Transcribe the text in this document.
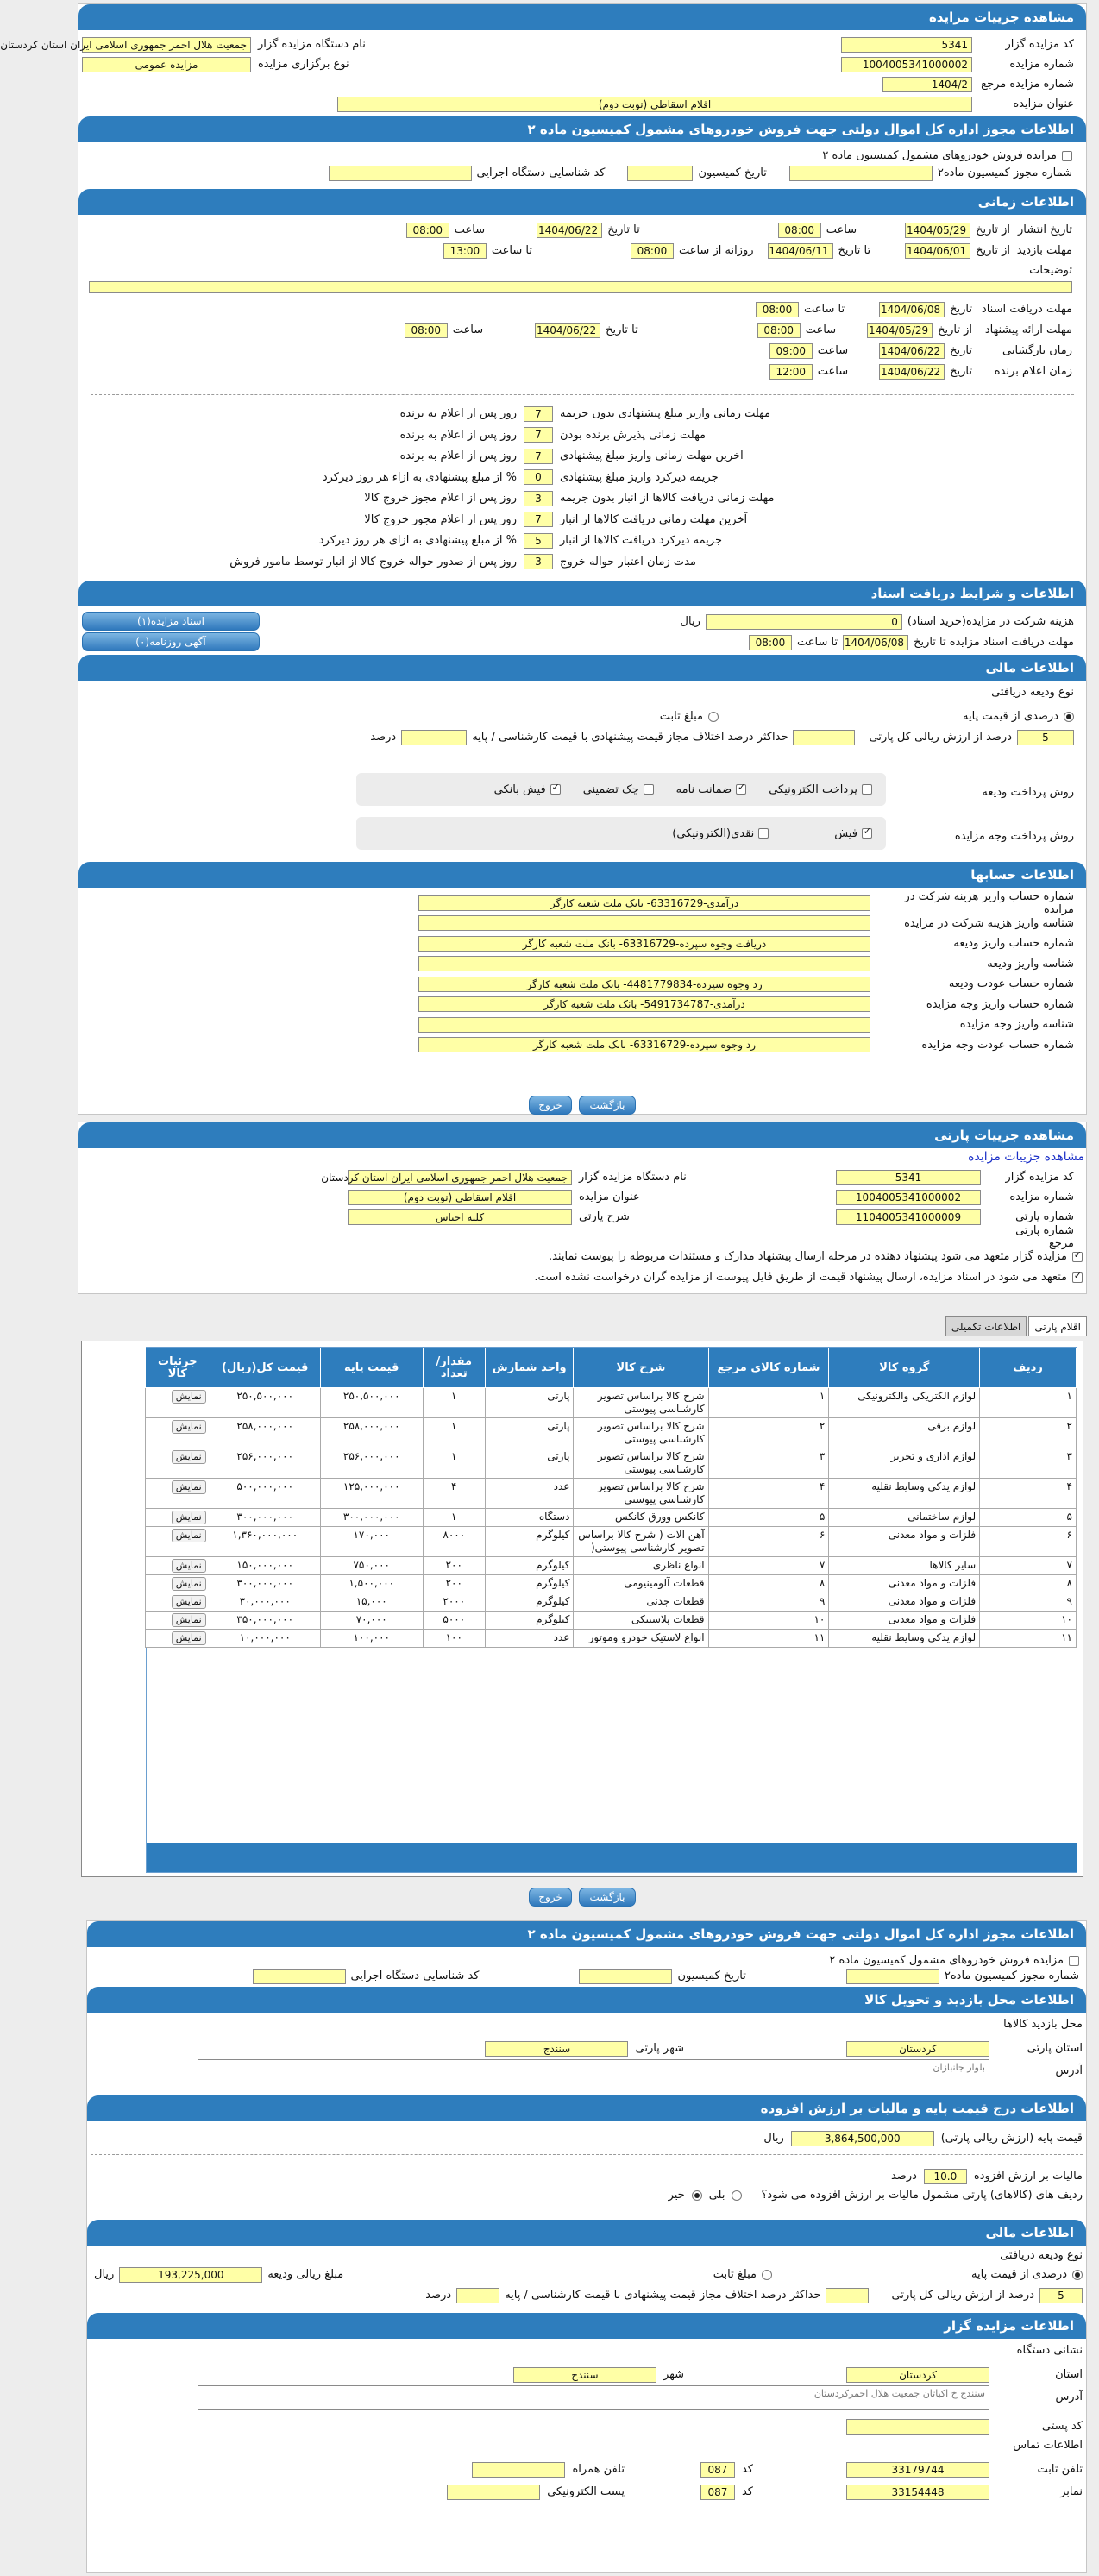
مشاهده جزییات مزایده
کد مزایده گزار
5341
شماره مزایده
1004005341000002
شماره مزایده مرجع
1404/2
عنوان مزایده
اقلام اسقاطی (نوبت دوم)
نام دستگاه مزایده گزار
جمعیت هلال احمر جمهوری اسلامی ایران استان کردستان
نوع برگزاری مزایده
مزایده عمومی
اطلاعات مجوز اداره کل اموال دولتی جهت فروش خودروهای مشمول کمیسیون ماده ۲
مزایده فروش خودروهای مشمول کمیسیون ماده ۲
شماره مجوز کمیسیون ماده۲
تاریخ کمیسیون
کد شناسایی دستگاه اجرایی
اطلاعات زمانی
تاریخ انتشار
از تاریخ
1404/05/29
ساعت
08:00
تا تاریخ
1404/06/22
ساعت
08:00
مهلت بازدید
از تاریخ
1404/06/01
تا تاریخ
1404/06/11
روزانه از ساعت
08:00
تا ساعت
13:00
توضیحات
مهلت دریافت اسناد
تاریخ
1404/06/08
تا ساعت
08:00
مهلت ارائه پیشنهاد
از تاریخ
1404/05/29
ساعت
08:00
تا تاریخ
1404/06/22
ساعت
08:00
زمان بازگشایی
تاریخ
1404/06/22
ساعت
09:00
زمان اعلام برنده
تاریخ
1404/06/22
ساعت
12:00
مهلت زمانی واریز مبلغ پیشنهادی بدون جریمه
7
روز پس از اعلام به برنده
مهلت زمانی پذیرش برنده بودن
7
روز پس از اعلام به برنده
اخرین مهلت زمانی واریز مبلغ پیشنهادی
7
روز پس از اعلام به برنده
جریمه دیرکرد واریز مبلغ پیشنهادی
0
% از مبلغ پیشنهادی به ازاء هر روز دیرکرد
مهلت زمانی دریافت کالاها از انبار بدون جریمه
3
روز پس از اعلام مجوز خروج کالا
آخرین مهلت زمانی دریافت کالاها از انبار
7
روز پس از اعلام مجوز خروج کالا
جریمه دیرکرد دریافت کالاها از انبار
5
% از مبلغ پیشنهادی به ازای هر روز دیرکرد
مدت زمان اعتبار حواله خروج
3
روز پس از صدور حواله خروج کالا از انبار توسط مامور فروش
اطلاعات و شرایط دریافت اسناد
هزینه شرکت در مزایده(خرید اسناد)
0
ریال
مهلت دریافت اسناد مزایده تا تاریخ
1404/06/08
تا ساعت
08:00
اسناد مزایده(۱)
آگهی روزنامه(۰)
اطلاعات مالی
نوع ودیعه دریافتی
درصدی از قیمت پایه
مبلغ ثابت
5
درصد از ارزش ریالی کل پارتی
حداکثر درصد اختلاف مجاز قیمت پیشنهادی با قیمت کارشناسی / پایه
درصد
روش پرداخت ودیعه
پرداخت الکترونیکی
✓
ضمانت نامه
چک تضمینی
✓
فیش بانکی
روش پرداخت وجه مزایده
✓
فیش
نقدی(الکترونیکی)
اطلاعات حسابها
شماره حساب واریز هزینه شرکت در مزایده
درآمدی-63316729- بانک ملت شعبه کارگر
شناسه واریز هزینه شرکت در مزایده
شماره حساب واریز ودیعه
دریافت وجوه سپرده-63316729- بانک ملت شعبه کارگر
شناسه واریز ودیعه
شماره حساب عودت ودیعه
رد وجوه سپرده-4481779834- بانک ملت شعبه کارگر
شماره حساب واریز وجه مزایده
درآمدی-5491734787- بانک ملت شعبه کارگر
شناسه واریز وجه مزایده
شماره حساب عودت وجه مزایده
رد وجوه سپرده-63316729- بانک ملت شعبه کارگر
بازگشت
خروج
مشاهده جزییات پارتی
مشاهده جزییات مزایده
کد مزایده گزار
5341
شماره مزایده
1004005341000002
شماره پارتی
1104005341000009
شماره پارتی مرجع
نام دستگاه مزایده گزار
جمعیت هلال احمر جمهوری اسلامی ایران استان کردستان
عنوان مزایده
اقلام اسقاطی (نوبت دوم)
شرح پارتی
کلیه اجناس
✓
مزایده گزار متعهد می شود پیشنهاد دهنده در مرحله ارسال پیشنهاد مدارک و مستندات مربوطه را پیوست نمایند.
✓
متعهد می شود در اسناد مزایده، ارسال پیشنهاد قیمت از طریق فایل پیوست از مزایده گران درخواست نشده است.
اقلام پارتی
اطلاعات تکمیلی
ردیف	گروه کالا	شماره کالای مرجع	شرح کالا	واحد شمارش	مقدار/ تعداد	قیمت پایه	قیمت کل(ریال)	جزئیات کالا
۱	لوازم الکتریکی والکترونیکی	۱	شرح کالا براساس تصویر کارشناسی پیوستی	پارتی	۱	۲۵۰,۵۰۰,۰۰۰	۲۵۰,۵۰۰,۰۰۰	نمایش
۲	لوازم برقی	۲	شرح کالا براساس تصویر کارشناسی پیوستی	پارتی	۱	۲۵۸,۰۰۰,۰۰۰	۲۵۸,۰۰۰,۰۰۰	نمایش
۳	لوازم اداری و تحریر	۳	شرح کالا براساس تصویر کارشناسی پیوستی	پارتی	۱	۲۵۶,۰۰۰,۰۰۰	۲۵۶,۰۰۰,۰۰۰	نمایش
۴	لوازم یدکی وسایط نقلیه	۴	شرح کالا براساس تصویر کارشناسی پیوستی	عدد	۴	۱۲۵,۰۰۰,۰۰۰	۵۰۰,۰۰۰,۰۰۰	نمایش
۵	لوازم ساختمانی	۵	کانکس وورق کانکس	دستگاه	۱	۳۰۰,۰۰۰,۰۰۰	۳۰۰,۰۰۰,۰۰۰	نمایش
۶	فلزات و مواد معدنی	۶	آهن الات ( شرح کالا براساس تصویر کارشناسی پیوستی(	کیلوگرم	۸۰۰۰	۱۷۰,۰۰۰	۱,۳۶۰,۰۰۰,۰۰۰	نمایش
۷	سایر کالاها	۷	انواع ناظری	کیلوگرم	۲۰۰	۷۵۰,۰۰۰	۱۵۰,۰۰۰,۰۰۰	نمایش
۸	فلزات و مواد معدنی	۸	قطعات آلومینیومی	کیلوگرم	۲۰۰	۱,۵۰۰,۰۰۰	۳۰۰,۰۰۰,۰۰۰	نمایش
۹	فلزات و مواد معدنی	۹	قطعات چدنی	کیلوگرم	۲۰۰۰	۱۵,۰۰۰	۳۰,۰۰۰,۰۰۰	نمایش
۱۰	فلزات و مواد معدنی	۱۰	قطعات پلاستیکی	کیلوگرم	۵۰۰۰	۷۰,۰۰۰	۳۵۰,۰۰۰,۰۰۰	نمایش
۱۱	لوازم یدکی وسایط نقلیه	۱۱	انواع لاستیک خودرو وموتور	عدد	۱۰۰	۱۰۰,۰۰۰	۱۰,۰۰۰,۰۰۰	نمایش
بازگشت
خروج
اطلاعات مجوز اداره کل اموال دولتی جهت فروش خودروهای مشمول کمیسیون ماده ۲
مزایده فروش خودروهای مشمول کمیسیون ماده ۲
شماره مجوز کمیسیون ماده۲
تاریخ کمیسیون
کد شناسایی دستگاه اجرایی
اطلاعات محل بازدید و تحویل کالا
محل بازدید کالاها
استان پارتی
کردستان
شهر پارتی
سنندج
آدرس
بلوار جانبازان
اطلاعات درج قیمت پایه و مالیات بر ارزش افزوده
قیمت پایه (ارزش ریالی پارتی)
3,864,500,000
ریال
مالیات بر ارزش افزوده
10.0
درصد
ردیف های (کالاهای) پارتی مشمول مالیات بر ارزش افزوده می شود؟
بلی
خیر
اطلاعات مالی
نوع ودیعه دریافتی
درصدی از قیمت پایه
مبلغ ثابت
مبلغ ریالی ودیعه
193,225,000
ریال
5
درصد از ارزش ریالی کل پارتی
حداکثر درصد اختلاف مجاز قیمت پیشنهادی با قیمت کارشناسی / پایه
درصد
اطلاعات مزایده گزار
نشانی دستگاه
استان
کردستان
شهر
سنندج
آدرس
سنندج خ اکباتان جمعیت هلال احمرکردستان
کد پستی
اطلاعات تماس
تلفن ثابت
33179744
کد
087
تلفن همراه
نمابر
33154448
کد
087
پست الکترونیکی
